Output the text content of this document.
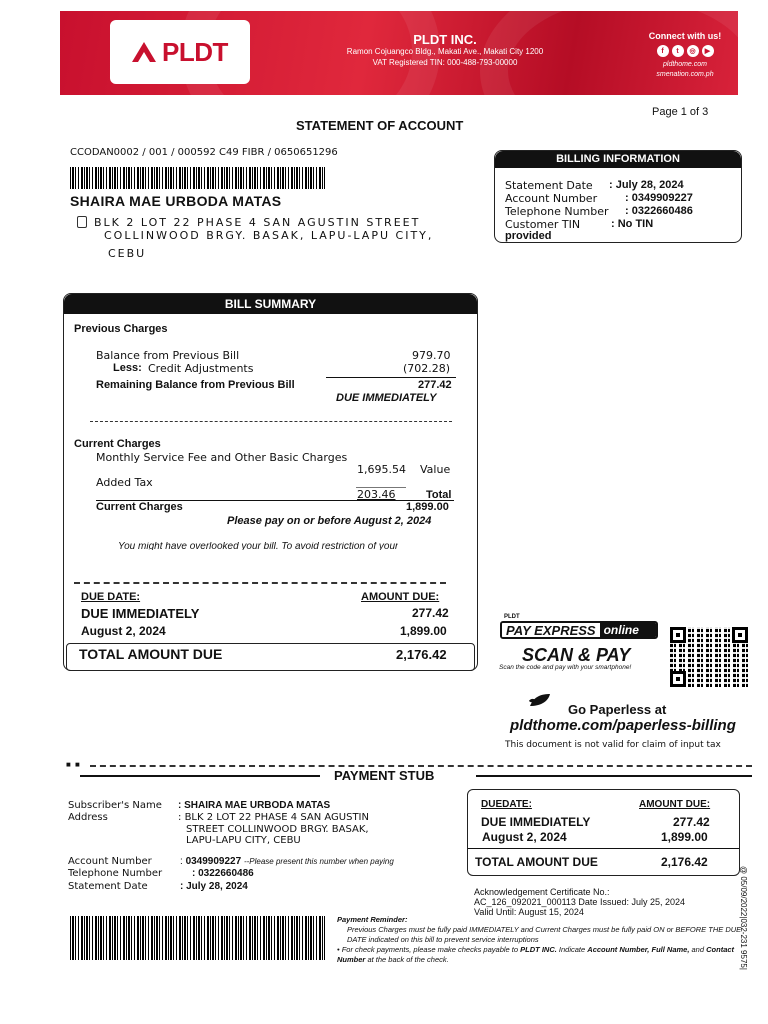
PLDT	PLDT INC.
Ramon Cojuangco Bldg., Makati Ave., Makati City 1200
VAT Registered TIN: 000-488-793-00000
Connect with us!
f	t	◎	▶
pldthome.com
smenation.com.ph
Page 1 of 3
STATEMENT OF ACCOUNT
CCODAN0002 / 001 / 000592 C49 FIBR / 0650651296
SHAIRA MAE URBODA MATAS
BLK 2 LOT 22 PHASE 4 SAN AGUSTIN STREET
COLLINWOOD BRGY. BASAK, LAPU-LAPU CITY,
CEBU
BILLING INFORMATION
Statement Date : July 28, 2024
Account Number	: 0349909227
Telephone Number : 0322660486
Customer TIN	: No TIN
provided
BILL SUMMARY
Previous Charges
Balance from Previous Bill	979.70
Less: Credit Adjustments	(702.28)
Remaining Balance from Previous Bill	277.42
DUE IMMEDIATELY
Current Charges
Monthly Service Fee and Other Basic Charges
1,695.54 Value
Added Tax
203.46	Total
Current Charges	1,899.00
Please pay on or before August 2, 2024
You might have overlooked your bill. To avoid restriction of your
DUE DATE:	AMOUNT DUE:
DUE IMMEDIATELY	277.42
August 2, 2024	1,899.00
TOTAL AMOUNT DUE	2,176.42
PLDT
PAY EXPRESS online
SCAN & PAY
Scan the code and pay with your smartphone!
Go Paperless at
pldthome.com/paperless-billing
This document is not valid for claim of input tax
■ ■
PAYMENT STUB
Subscriber's Name : SHAIRA MAE URBODA MATAS
Address	: BLK 2 LOT 22 PHASE 4 SAN AGUSTIN
STREET COLLINWOOD BRGY. BASAK,
LAPU-LAPU CITY, CEBU
Account Number	: 0349909227 --Please present this number when paying
Telephone Number	: 0322660486
Statement Date	: July 28, 2024
DUEDATE:	AMOUNT DUE:
DUE IMMEDIATELY	277.42
August 2, 2024	1,899.00
TOTAL AMOUNT DUE	2,176.42
Acknowledgement Certificate No.:
AC_126_092021_000113 Date Issued: July 25, 2024
Valid Until: August 15, 2024
Payment Reminder:
Previous Charges must be fully paid IMMEDIATELY and Current Charges must be fully paid ON or BEFORE THE DUE DATE indicated on this bill to prevent service interruptions
• For check payments, please make checks payable to PLDT INC. Indicate Account Number, Full Name, and Contact Number at the back of the check.	@ 05/09/2022|032-231 9575|
